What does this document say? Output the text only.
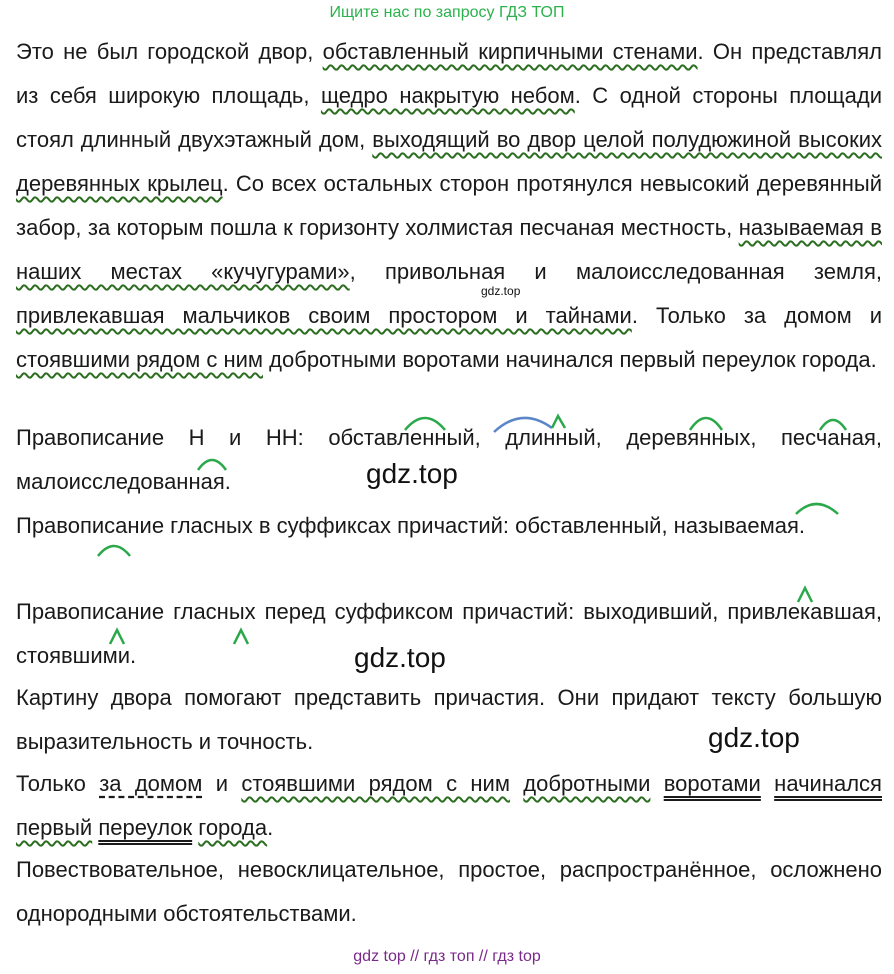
Ищите нас по запросу ГДЗ ТОП
Это не был городской двор, обставленный кирпичными стенами. Он представлял из себя широкую площадь, щедро накрытую небом. С одной стороны площади стоял длинный двухэтажный дом, выходящий во двор целой полудюжиной высоких деревянных крылец. Со всех остальных сторон протянулся невысокий деревянный забор, за которым пошла к горизонту холмистая песчаная местность, называемая в наших местах «кучугурами», привольная и малоисследованная земля, привлекавшая мальчиков своим простором и тайнами. Только за домом и стоявшими рядом с ним добротными воротами начинался первый переулок города.
Правописание Н и НН: обставленный, длинный, деревянных, песчаная, малоисследованная.
Правописание гласных в суффиксах причастий: обставленный, называемая.
Правописание гласных перед суффиксом причастий: выходивший, привлекавшая, стоявшими.
Картину двора помогают представить причастия. Они придают тексту большую выразительность и точность.
Только за домом и стоявшими рядом с ним добротными воротами начинался первый переулок города.
Повествовательное, невосклицательное, простое, распространённое, осложнено однородными обстоятельствами.
gdz.top
gdz.top
gdz.top
gdz.top
gdz top // гдз топ // гдз top
